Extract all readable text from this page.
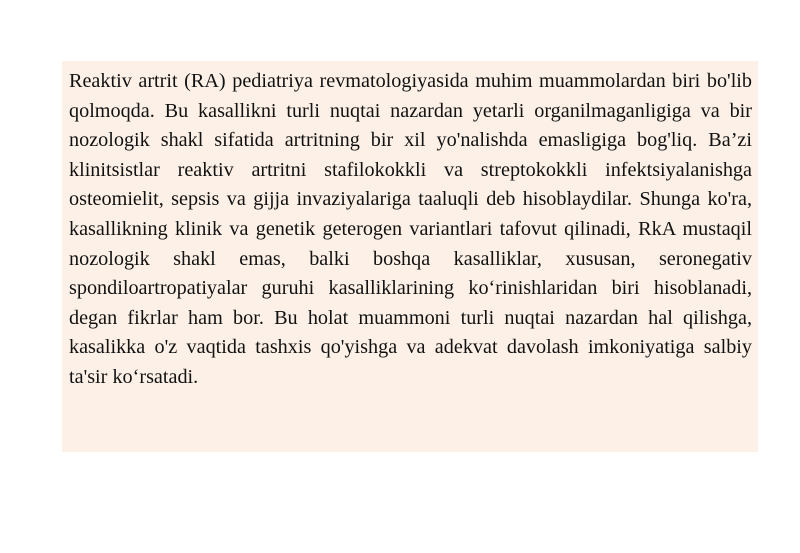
Reaktiv artrit (RA) pediatriya revmatologiyasida muhim muammolardan biri bo'lib qolmoqda. Bu kasallikni turli nuqtai nazardan yetarli organilmaganligiga va bir nozologik shakl sifatida artritning bir xil yo'nalishda emasligiga bog'liq. Ba’zi klinitsistlar reaktiv artritni stafilokokkli va streptokokkli infektsiyalanishga osteomielit, sepsis va gijja invaziyalariga taaluqli deb hisoblaydilar. Shunga ko'ra, kasallikning klinik va genetik geterogen variantlari tafovut qilinadi, RkA mustaqil nozologik shakl emas, balki boshqa kasalliklar, xususan, seronegativ spondiloartropatiyalar guruhi kasalliklarining ko‘rinishlaridan biri hisoblanadi, degan fikrlar ham bor. Bu holat muammoni turli nuqtai nazardan hal qilishga, kasalikka o'z vaqtida tashxis qo'yishga va adekvat davolash imkoniyatiga salbiy ta'sir ko‘rsatadi.
